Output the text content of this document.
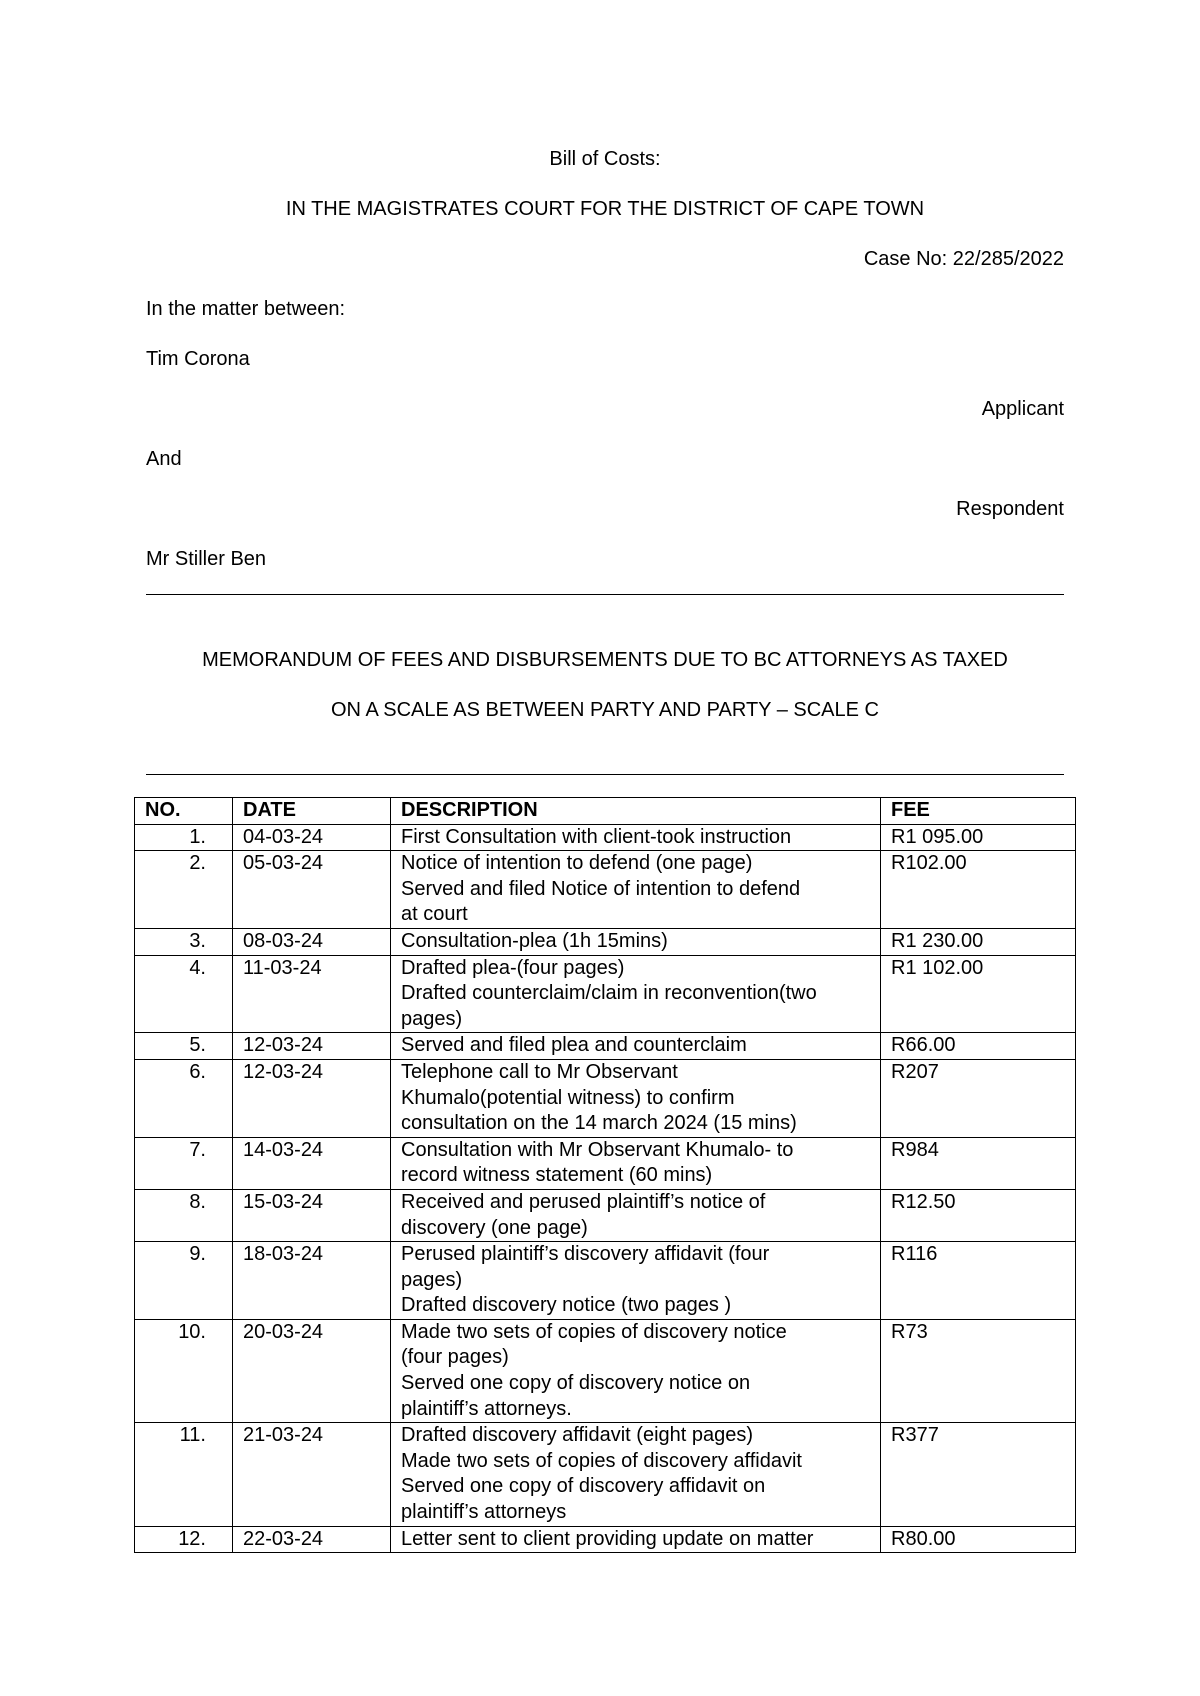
Bill of Costs:
IN THE MAGISTRATES COURT FOR THE DISTRICT OF CAPE TOWN
Case No: 22/285/2022
In the matter between:
Tim Corona
Applicant
And
Respondent
Mr Stiller Ben
MEMORANDUM OF FEES AND DISBURSEMENTS DUE TO BC ATTORNEYS AS TAXED
ON A SCALE AS BETWEEN PARTY AND PARTY – SCALE C
NO.	DATE	DESCRIPTION	FEE
1.	04-03-24	First Consultation with client-took instruction	R1 095.00
2.	05-03-24	Notice of intention to defend (one page)
Served and filed Notice of intention to defend
at court	R102.00
3.	08-03-24	Consultation-plea (1h 15mins)	R1 230.00
4.	11-03-24	Drafted plea-(four pages)
Drafted counterclaim/claim in reconvention(two
pages)	R1 102.00
5.	12-03-24	Served and filed plea and counterclaim	R66.00
6.	12-03-24	Telephone call to Mr Observant
Khumalo(potential witness) to confirm
consultation on the 14 march 2024 (15 mins)	R207
7.	14-03-24	Consultation with Mr Observant Khumalo- to
record witness statement (60 mins)	R984
8.	15-03-24	Received and perused plaintiff’s notice of
discovery (one page)	R12.50
9.	18-03-24	Perused plaintiff’s discovery affidavit (four
pages)
Drafted discovery notice (two pages )	R116
10.	20-03-24	Made two sets of copies of discovery notice
(four pages)
Served one copy of discovery notice on
plaintiff’s attorneys.	R73
11.	21-03-24	Drafted discovery affidavit (eight pages)
Made two sets of copies of discovery affidavit
Served one copy of discovery affidavit on
plaintiff’s attorneys	R377
12.	22-03-24	Letter sent to client providing update on matter	R80.00
